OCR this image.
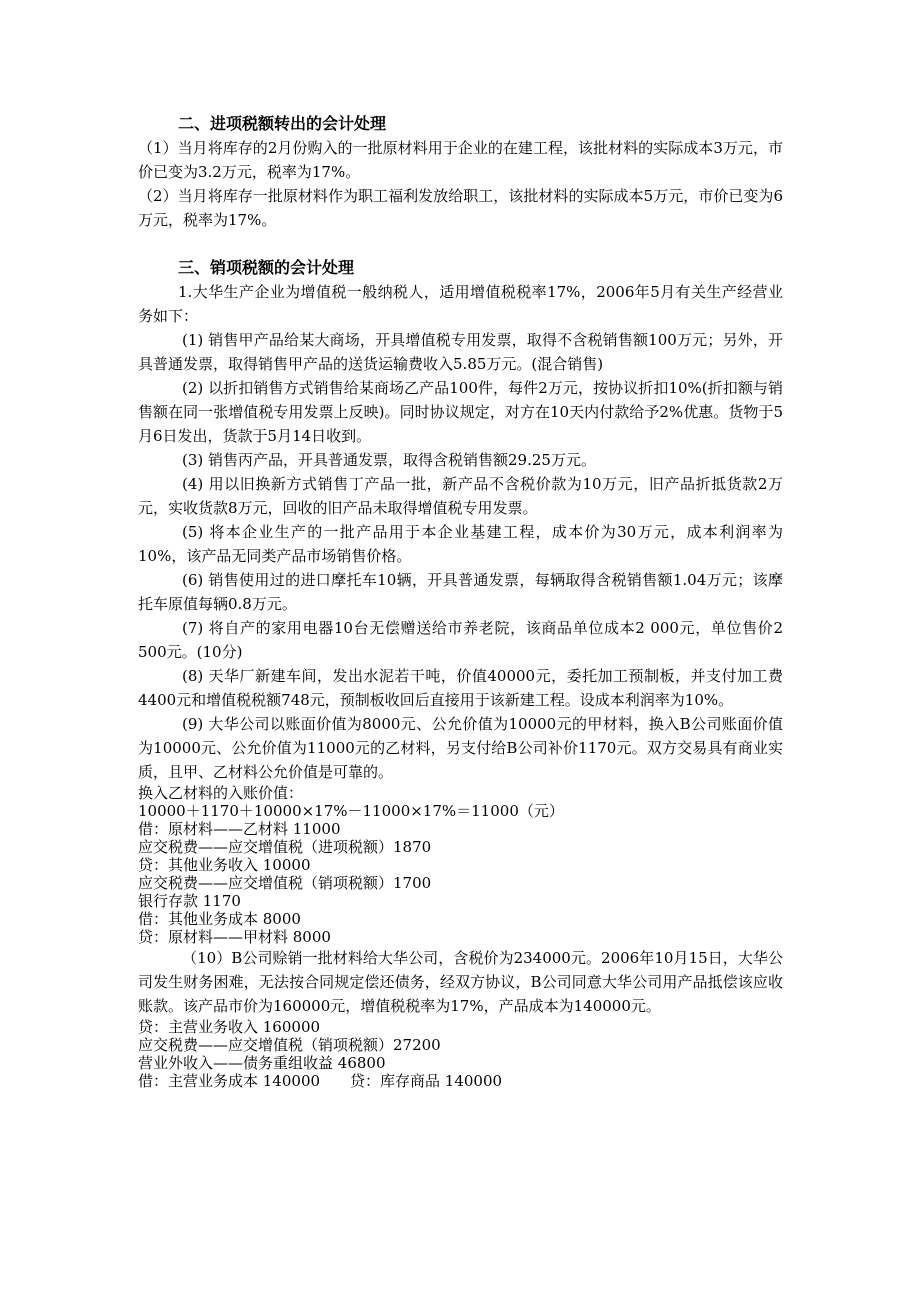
二、进项税额转出的会计处理
（1）当月将库存的2月份购入的一批原材料用于企业的在建工程，该批材料的实际成本3万元，市价已变为3.2万元，税率为17%。
（2）当月将库存一批原材料作为职工福利发放给职工，该批材料的实际成本5万元，市价已变为6万元，税率为17%。
三、销项税额的会计处理
1.大华生产企业为增值税一般纳税人，适用增值税税率17%，2006年5月有关生产经营业务如下：
(1) 销售甲产品给某大商场，开具增值税专用发票，取得不含税销售额100万元；另外，开具普通发票，取得销售甲产品的送货运输费收入5.85万元。(混合销售)
(2) 以折扣销售方式销售给某商场乙产品100件，每件2万元，按协议折扣10%(折扣额与销售额在同一张增值税专用发票上反映)。同时协议规定，对方在10天内付款给予2%优惠。货物于5月6日发出，货款于5月14日收到。
(3) 销售丙产品，开具普通发票，取得含税销售额29.25万元。
(4) 用以旧换新方式销售丁产品一批，新产品不含税价款为10万元，旧产品折抵货款2万元，实收货款8万元，回收的旧产品未取得增值税专用发票。
(5) 将本企业生产的一批产品用于本企业基建工程，成本价为30万元，成本利润率为10%，该产品无同类产品市场销售价格。
(6) 销售使用过的进口摩托车10辆，开具普通发票，每辆取得含税销售额1.04万元；该摩托车原值每辆0.8万元。
(7) 将自产的家用电器10台无偿赠送给市养老院，该商品单位成本2 000元，单位售价2 500元。(10分)
(8) 天华厂新建车间，发出水泥若干吨，价值40000元，委托加工预制板，并支付加工费4400元和增值税税额748元，预制板收回后直接用于该新建工程。设成本利润率为10%。
(9) 大华公司以账面价值为8000元、公允价值为10000元的甲材料，换入B公司账面价值为10000元、公允价值为11000元的乙材料，另支付给B公司补价1170元。双方交易具有商业实质，且甲、乙材料公允价值是可靠的。
换入乙材料的入账价值：
10000＋1170＋10000×17%－11000×17%＝11000（元）
借：原材料——乙材料 11000
应交税费——应交增值税（进项税额）1870
贷：其他业务收入 10000
应交税费——应交增值税（销项税额）1700
银行存款 1170
借：其他业务成本 8000
贷：原材料——甲材料 8000
（10）B公司赊销一批材料给大华公司，含税价为234000元。2006年10月15日，大华公司发生财务困难，无法按合同规定偿还债务，经双方协议，B公司同意大华公司用产品抵偿该应收账款。该产品市价为160000元，增值税税率为17%，产品成本为140000元。
贷：主营业务收入 160000
应交税费——应交增值税（销项税额）27200
营业外收入——债务重组收益 46800
借：主营业务成本 140000　　贷：库存商品 140000
